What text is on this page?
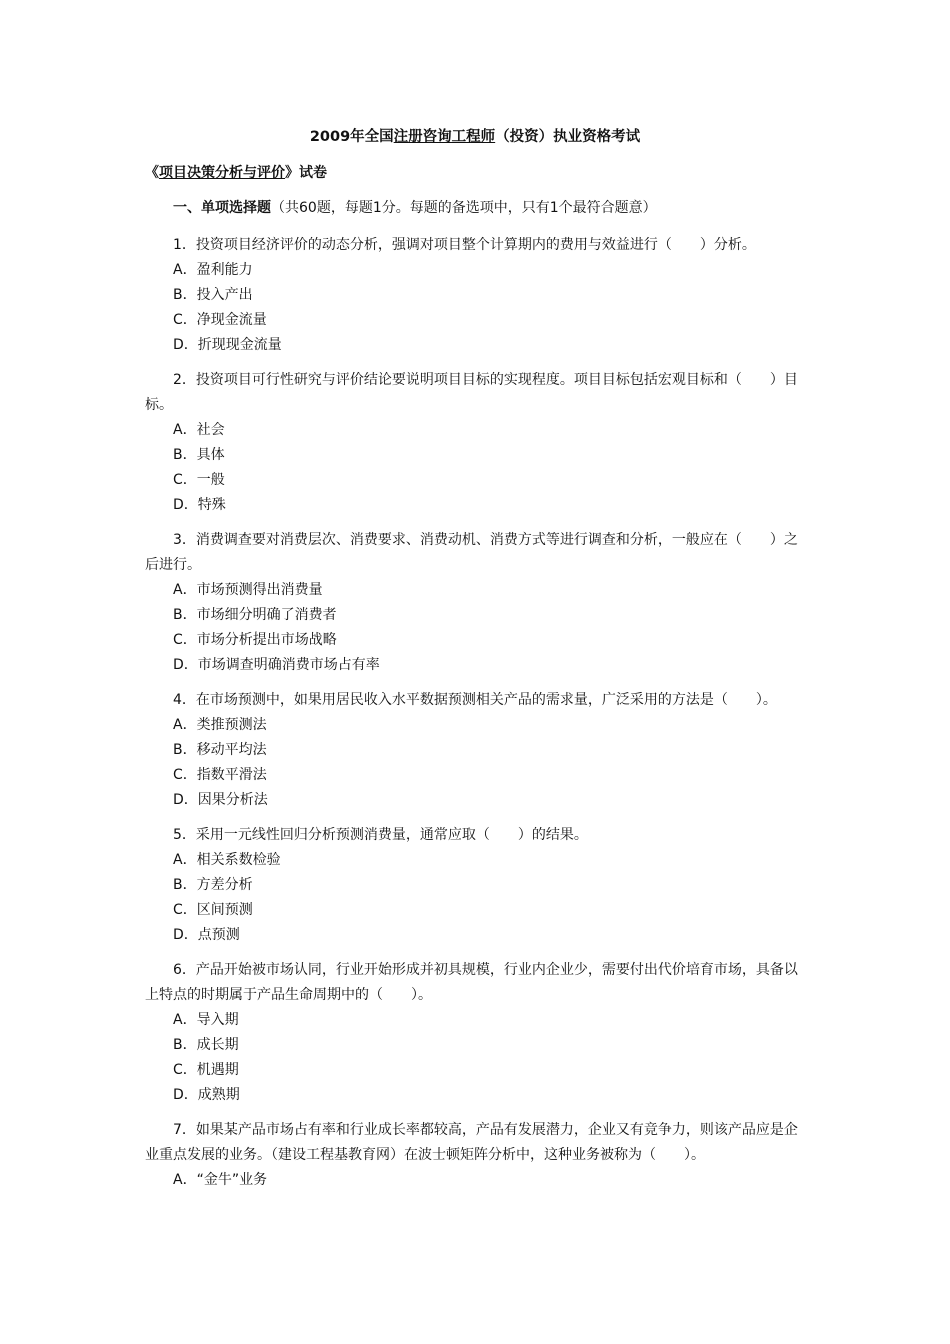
2009年全国注册咨询工程师（投资）执业资格考试
《项目决策分析与评价》试卷
一、单项选择题（共60题，每题1分。每题的备选项中，只有1个最符合题意）

1．投资项目经济评价的动态分析，强调对项目整个计算期内的费用与效益进行（　　）分析。

A．盈利能力

B．投入产出

C．净现金流量

D．折现现金流量

2．投资项目可行性研究与评价结论要说明项目目标的实现程度。项目目标包括宏观目标和（　　）目标。

A．社会

B．具体

C．一般

D．特殊

3．消费调查要对消费层次、消费要求、消费动机、消费方式等进行调查和分析，一般应在（　　）之后进行。

A．市场预测得出消费量

B．市场细分明确了消费者

C．市场分析提出市场战略

D．市场调查明确消费市场占有率

4．在市场预测中，如果用居民收入水平数据预测相关产品的需求量，广泛采用的方法是（　　）。

A．类推预测法

B．移动平均法

C．指数平滑法

D．因果分析法

5．采用一元线性回归分析预测消费量，通常应取（　　）的结果。

A．相关系数检验

B．方差分析

C．区间预测

D．点预测

6．产品开始被市场认同，行业开始形成并初具规模，行业内企业少，需要付出代价培育市场，具备以上特点的时期属于产品生命周期中的（　　）。

A．导入期

B．成长期

C．机遇期

D．成熟期

7．如果某产品市场占有率和行业成长率都较高，产品有发展潜力，企业又有竞争力，则该产品应是企业重点发展的业务。（建设工程基教育网）在波士顿矩阵分析中，这种业务被称为（　　）。

A．“金牛”业务
